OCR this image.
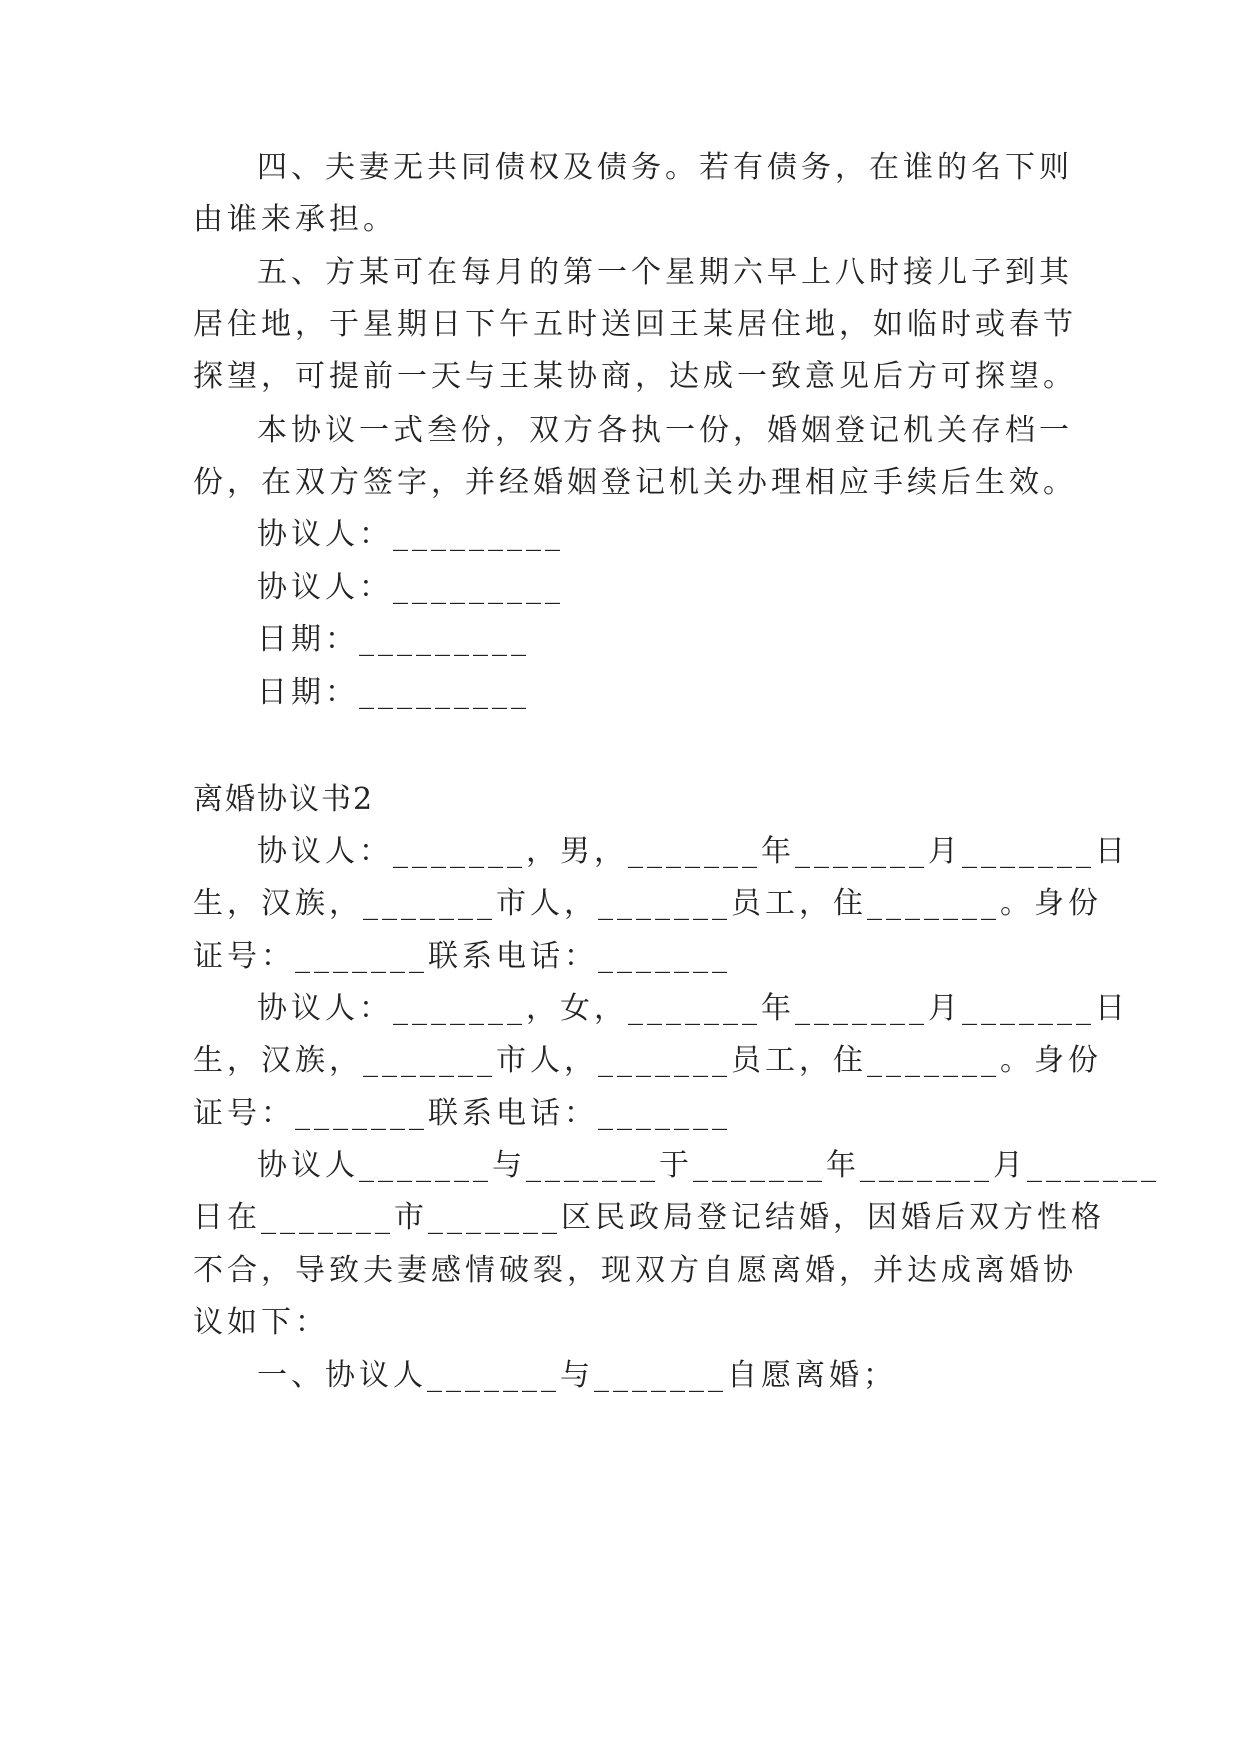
四、夫妻无共同债权及债务。若有债务，在谁的名下则
由谁来承担。
五、方某可在每月的第一个星期六早上八时接儿子到其
居住地，于星期日下午五时送回王某居住地，如临时或春节
探望，可提前一天与王某协商，达成一致意见后方可探望。
本协议一式叁份，双方各执一份，婚姻登记机关存档一
份，在双方签字，并经婚姻登记机关办理相应手续后生效。
协议人：_________
协议人：_________
日期：_________
日期：_________
离婚协议书2
协议人：_______，男，_______年_______月_______日
生，汉族，_______市人，_______员工，住_______。身份
证号：_______联系电话：_______
协议人：_______，女，_______年_______月_______日
生，汉族，_______市人，_______员工，住_______。身份
证号：_______联系电话：_______
协议人_______与_______于_______年_______月_______
日在_______市_______区民政局登记结婚，因婚后双方性格
不合，导致夫妻感情破裂，现双方自愿离婚，并达成离婚协
议如下：
一、协议人_______与_______自愿离婚；
